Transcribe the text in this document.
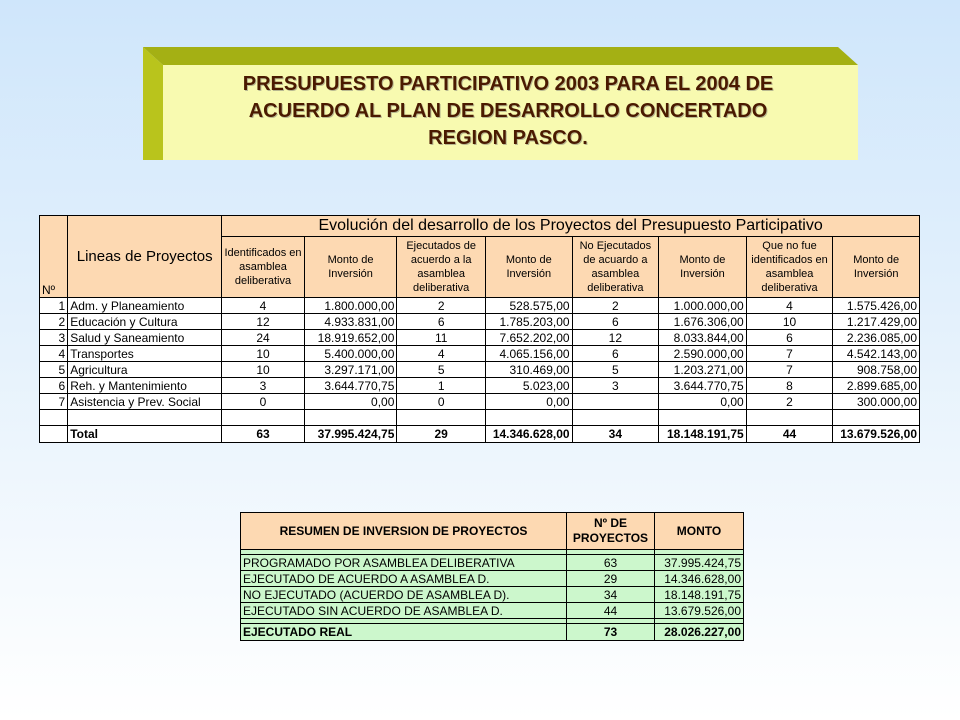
PRESUPUESTO PARTICIPATIVO 2003 PARA EL 2004 DE
ACUERDO AL PLAN DE DESARROLLO CONCERTADO
REGION PASCO.
Nº	Lineas de Proyectos	Evolución del desarrollo de los Proyectos del Presupuesto Participativo							
		Identificados en asamblea deliberativa	Monto de Inversión	Ejecutados de acuerdo a la asamblea deliberativa	Monto de Inversión	No Ejecutados de acuardo a asamblea deliberativa	Monto de Inversión	Que no fue identificados en asamblea deliberativa	Monto de Inversión
1	Adm. y Planeamiento	4	1.800.000,00	2	528.575,00	2	1.000.000,00	4	1.575.426,00
2	Educación y Cultura	12	4.933.831,00	6	1.785.203,00	6	1.676.306,00	10	1.217.429,00
3	Salud y Saneamiento	24	18.919.652,00	11	7.652.202,00	12	8.033.844,00	6	2.236.085,00
4	Transportes	10	5.400.000,00	4	4.065.156,00	6	2.590.000,00	7	4.542.143,00
5	Agricultura	10	3.297.171,00	5	310.469,00	5	1.203.271,00	7	908.758,00
6	Reh. y Mantenimiento	3	3.644.770,75	1	5.023,00	3	3.644.770,75	8	2.899.685,00
7	Asistencia y Prev. Social	0	0,00	0	0,00		0,00	2	300.000,00

	Total	63	37.995.424,75	29	14.346.628,00	34	18.148.191,75	44	13.679.526,00
RESUMEN DE INVERSION DE PROYECTOS	Nº DE PROYECTOS	MONTO

PROGRAMADO POR ASAMBLEA DELIBERATIVA	63	37.995.424,75
EJECUTADO DE ACUERDO A ASAMBLEA D.	29	14.346.628,00
NO EJECUTADO (ACUERDO DE ASAMBLEA D).	34	18.148.191,75
EJECUTADO SIN ACUERDO DE ASAMBLEA D.	44	13.679.526,00

EJECUTADO REAL	73	28.026.227,00
